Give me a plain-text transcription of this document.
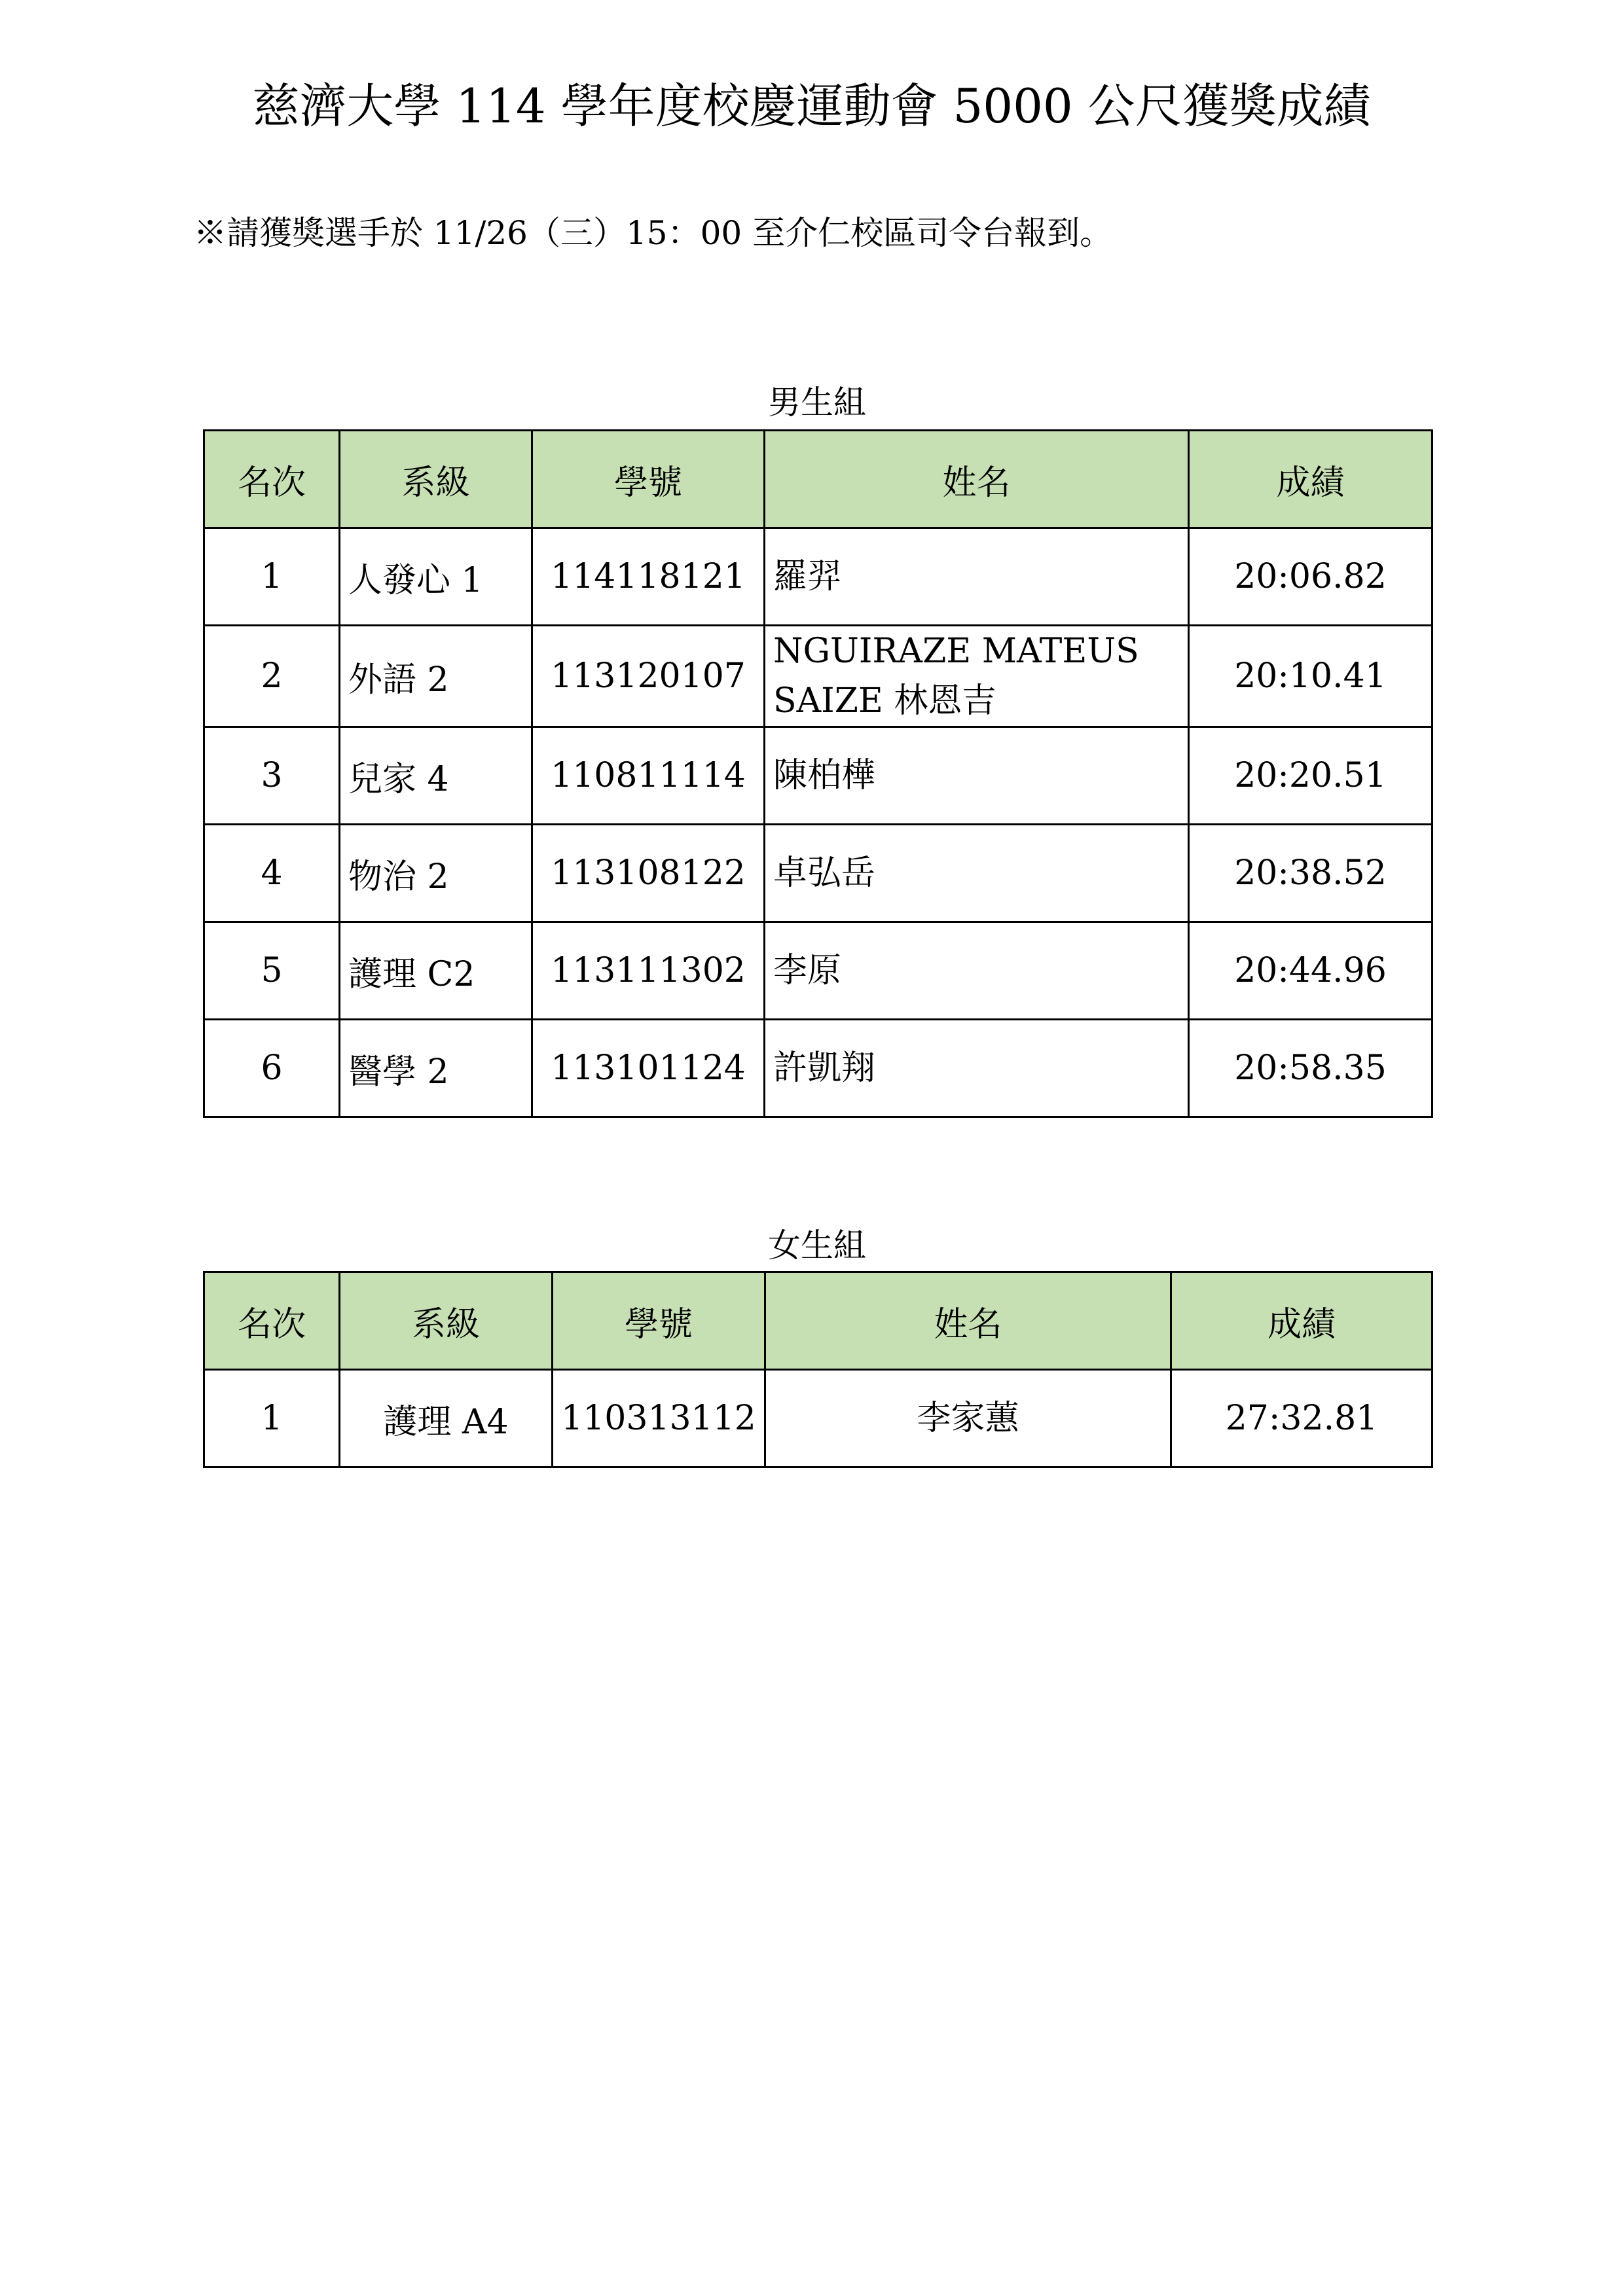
慈濟大學 114 學年度校慶運動會 5000 公尺獲獎成績
※請獲獎選手於 11/26（三）15：00 至介仁校區司令台報到。
男生組
名次	系級	學號	姓名	成績
1	人發心 1	114118121	羅羿	20:06.82
2	外語 2	113120107	NGUIRAZE MATEUS SAIZE 林恩吉	20:10.41
3	兒家 4	110811114	陳柏樺	20:20.51
4	物治 2	113108122	卓弘岳	20:38.52
5	護理 C2	113111302	李原	20:44.96
6	醫學 2	113101124	許凱翔	20:58.35
女生組
名次	系級	學號	姓名	成績
1	護理 A4	110313112	李家蕙	27:32.81
